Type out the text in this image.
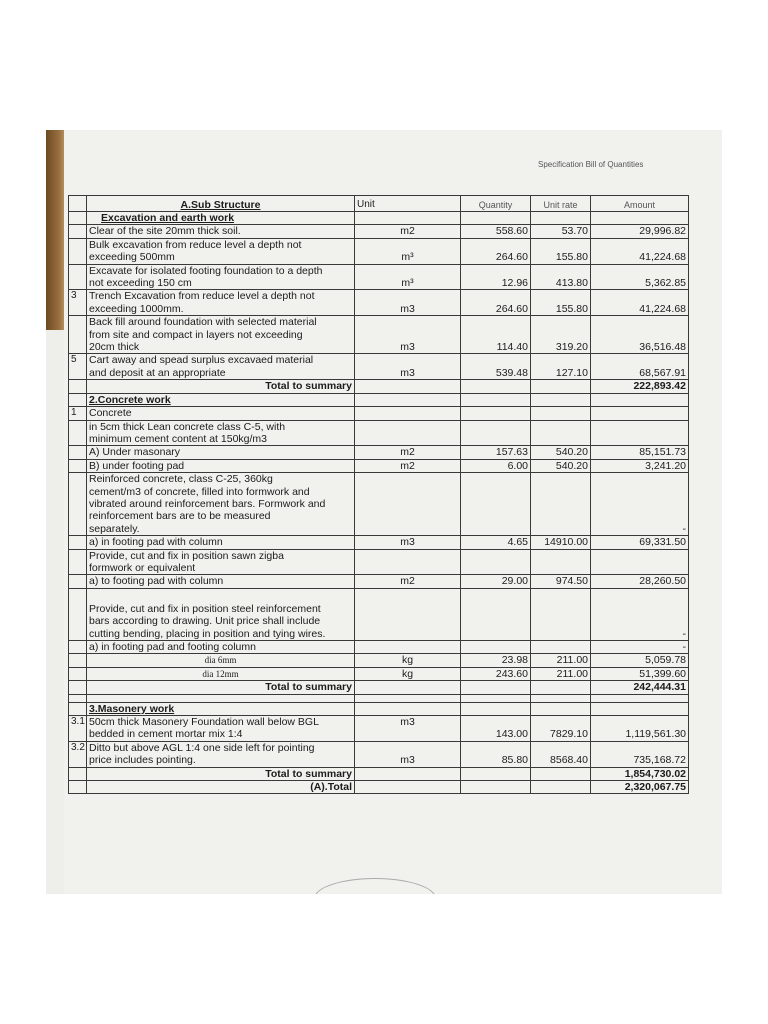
Specification Bill of Quantities
	A.Sub Structure	Unit	Quantity	Unit rate	Amount
	Excavation and earth work				
	Clear of the site 20mm thick soil.	m2	558.60	53.70	29,996.82

	Bulk excavation from reduce level a depth not
exceeding 500mm	m³	264.60	155.80	41,224.68

	Excavate for isolated footing foundation to a depth
not exceeding 150 cm	m³	12.96	413.80	5,362.85
3	Trench Excavation from reduce level a depth not
exceeding 1000mm.	m3	264.60	155.80	41,224.68

	Back fill around foundation with selected material
from site and compact in layers not exceeding
20cm thick	m3	114.40	319.20	36,516.48
5	Cart away and spead surplus excavaed material
and deposit at an appropriate	m3	539.48	127.10	68,567.91
	Total to summary				222,893.42
	2.Concrete work				
1	Concrete				

	in 5cm thick Lean concrete class C-5, with
minimum cement content at 150kg/m3				

	A) Under masonary	m2	157.63	540.20	85,151.73
	B) under footing pad	m2	6.00	540.20	3,241.20

	Reinforced concrete, class C-25, 360kg
cement/m3 of concrete, filled into formwork and
vibrated around reinforcement bars. Formwork and
reinforcement bars are to be measured
separately.				-
	a) in footing pad with column	m3	4.65	14910.00	69,331.50

	Provide, cut and fix in position sawn zigba
formwork or equivalent				

	a) to footing pad with column	m2	29.00	974.50	28,260.50

	Provide, cut and fix in position steel reinforcement
bars according to drawing. Unit price shall include
cutting bending, placing in position and tying wires.				-
	a) in footing pad and footing column				-
	dia 6mm	kg	23.98	211.00	5,059.78
	dia 12mm	kg	243.60	211.00	51,399.60
	Total to summary				242,444.31

	3.Masonery work				
3.1	50cm thick Masonery Foundation wall below BGL
bedded in cement mortar mix 1:4	m3	143.00	7829.10	1,119,561.30
3.2	Ditto but above AGL 1:4 one side left for pointing
price includes pointing.	m3	85.80	8568.40	735,168.72
	Total to summary				1,854,730.02
	(A).Total				2,320,067.75
